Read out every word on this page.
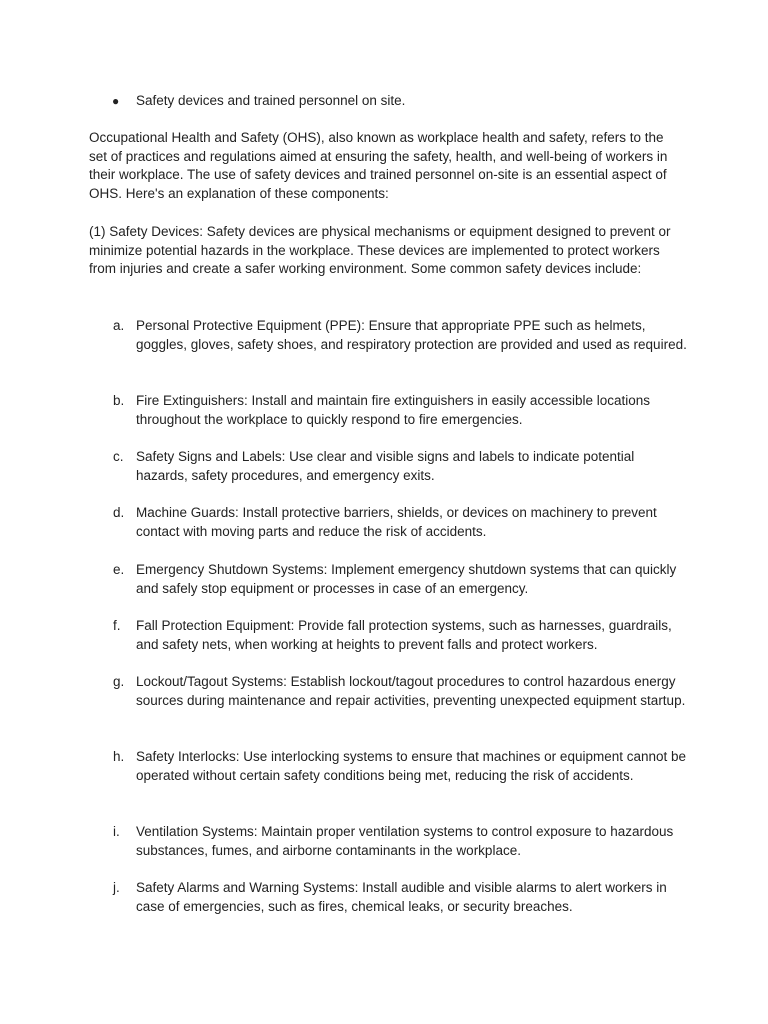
●	Safety devices and trained personnel on site.

Occupational Health and Safety (OHS), also known as workplace health and safety, refers to the set of practices and regulations aimed at ensuring the safety, health, and well-being of workers in their workplace. The use of safety devices and trained personnel on-site is an essential aspect of OHS. Here's an explanation of these components:

(1) Safety Devices: Safety devices are physical mechanisms or equipment designed to prevent or minimize potential hazards in the workplace. These devices are implemented to protect workers from injuries and create a safer working environment. Some common safety devices include:

a. Personal Protective Equipment (PPE): Ensure that appropriate PPE such as helmets, goggles, gloves, safety shoes, and respiratory protection are provided and used as required.
b. Fire Extinguishers: Install and maintain fire extinguishers in easily accessible locations throughout the workplace to quickly respond to fire emergencies.
c. Safety Signs and Labels: Use clear and visible signs and labels to indicate potential hazards, safety procedures, and emergency exits.
d. Machine Guards: Install protective barriers, shields, or devices on machinery to prevent contact with moving parts and reduce the risk of accidents.
e. Emergency Shutdown Systems: Implement emergency shutdown systems that can quickly and safely stop equipment or processes in case of an emergency.
f.	Fall Protection Equipment: Provide fall protection systems, such as harnesses, guardrails, and safety nets, when working at heights to prevent falls and protect workers.
g. Lockout/Tagout Systems: Establish lockout/tagout procedures to control hazardous energy sources during maintenance and repair activities, preventing unexpected equipment startup.
h. Safety Interlocks: Use interlocking systems to ensure that machines or equipment cannot be operated without certain safety conditions being met, reducing the risk of accidents.
i.	Ventilation Systems: Maintain proper ventilation systems to control exposure to hazardous substances, fumes, and airborne contaminants in the workplace.
j.	Safety Alarms and Warning Systems: Install audible and visible alarms to alert workers in case of emergencies, such as fires, chemical leaks, or security breaches.
